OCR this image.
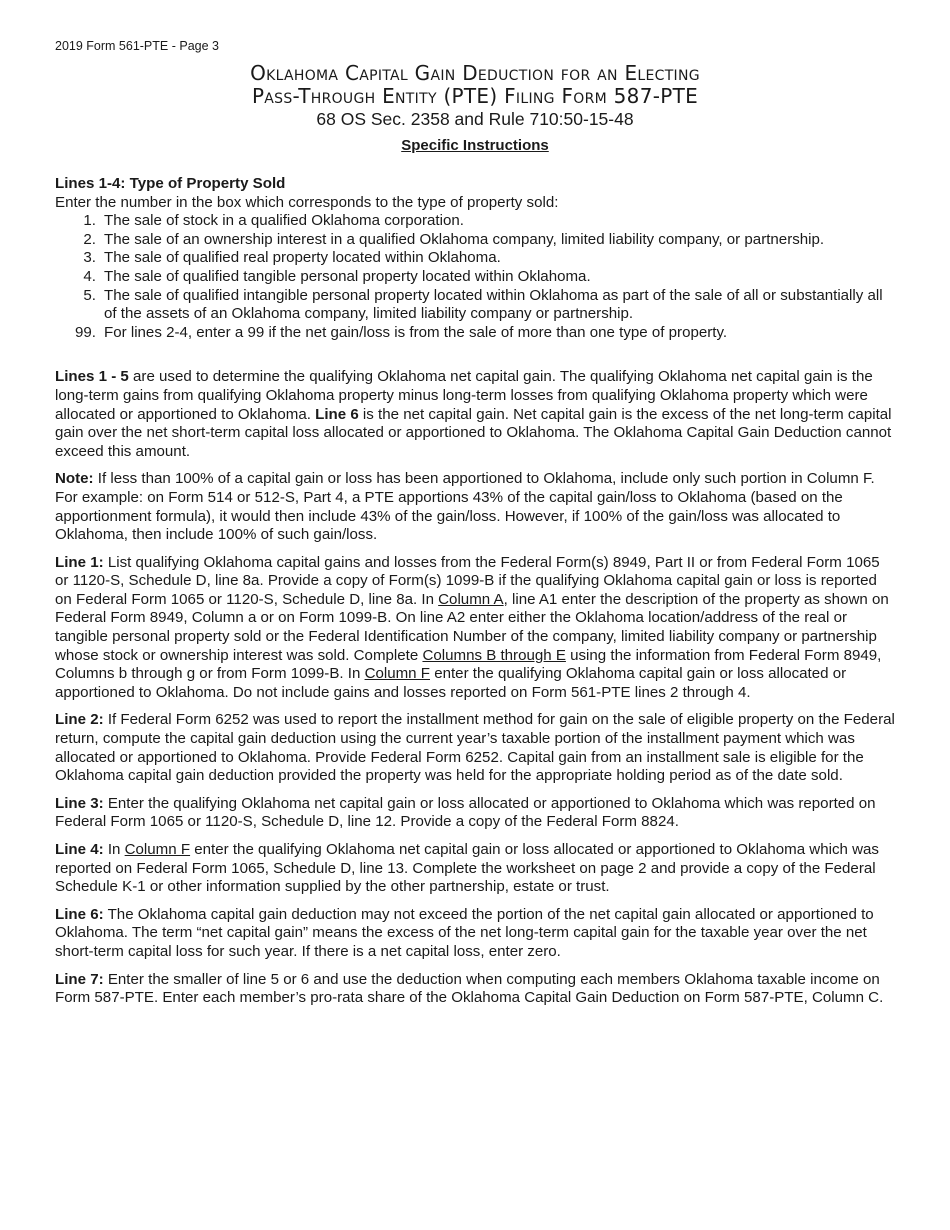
2019 Form 561-PTE - Page 3
Oklahoma Capital Gain Deduction for an Electing
Pass-Through Entity (PTE) Filing Form 587-PTE
68 OS Sec. 2358 and Rule 710:50-15-48
Specific Instructions

Lines 1-4: Type of Property Sold

Enter the number in the box which corresponds to the type of property sold:

1. The sale of stock in a qualified Oklahoma corporation.
2. The sale of an ownership interest in a qualified Oklahoma company, limited liability company, or partnership.
3. The sale of qualified real property located within Oklahoma.
4. The sale of qualified tangible personal property located within Oklahoma.
5. The sale of qualified intangible personal property located within Oklahoma as part of the sale of all or substantially all of the assets of an Oklahoma company, limited liability company or partnership.
99. For lines 2-4, enter a 99 if the net gain/loss is from the sale of more than one type of property.

Lines 1 - 5 are used to determine the qualifying Oklahoma net capital gain. The qualifying Oklahoma net capital gain is the long-term gains from qualifying Oklahoma property minus long-term losses from qualifying Oklahoma property which were allocated or apportioned to Oklahoma. Line 6 is the net capital gain. Net capital gain is the excess of the net long-term capital gain over the net short-term capital loss allocated or apportioned to Oklahoma. The Oklahoma Capital Gain Deduction cannot exceed this amount.

Note: If less than 100% of a capital gain or loss has been apportioned to Oklahoma, include only such portion in Column F. For example: on Form 514 or 512-S, Part 4, a PTE apportions 43% of the capital gain/loss to Oklahoma (based on the apportionment formula), it would then include 43% of the gain/loss. However, if 100% of the gain/loss was allocated to Oklahoma, then include 100% of such gain/loss.

Line 1: List qualifying Oklahoma capital gains and losses from the Federal Form(s) 8949, Part II or from Federal Form 1065 or 1120-S, Schedule D, line 8a. Provide a copy of Form(s) 1099-B if the qualifying Oklahoma capital gain or loss is reported on Federal Form 1065 or 1120-S, Schedule D, line 8a. In Column A, line A1 enter the description of the property as shown on Federal Form 8949, Column a or on Form 1099-B. On line A2 enter either the Oklahoma location/address of the real or tangible personal property sold or the Federal Identification Number of the company, limited liability company or partnership whose stock or ownership interest was sold. Complete Columns B through E using the information from Federal Form 8949, Columns b through g or from Form 1099-B. In Column F enter the qualifying Oklahoma capital gain or loss allocated or apportioned to Oklahoma. Do not include gains and losses reported on Form 561-PTE lines 2 through 4.

Line 2: If Federal Form 6252 was used to report the installment method for gain on the sale of eligible property on the Federal return, compute the capital gain deduction using the current year’s taxable portion of the installment payment which was allocated or apportioned to Oklahoma. Provide Federal Form 6252. Capital gain from an installment sale is eligible for the Oklahoma capital gain deduction provided the property was held for the appropriate holding period as of the date sold.

Line 3: Enter the qualifying Oklahoma net capital gain or loss allocated or apportioned to Oklahoma which was reported on Federal Form 1065 or 1120-S, Schedule D, line 12. Provide a copy of the Federal Form 8824.

Line 4: In Column F enter the qualifying Oklahoma net capital gain or loss allocated or apportioned to Oklahoma which was reported on Federal Form 1065, Schedule D, line 13. Complete the worksheet on page 2 and provide a copy of the Federal Schedule K-1 or other information supplied by the other partnership, estate or trust.

Line 6: The Oklahoma capital gain deduction may not exceed the portion of the net capital gain allocated or apportioned to Oklahoma. The term “net capital gain” means the excess of the net long-term capital gain for the taxable year over the net short-term capital loss for such year. If there is a net capital loss, enter zero.

Line 7: Enter the smaller of line 5 or 6 and use the deduction when computing each members Oklahoma taxable income on Form 587-PTE. Enter each member’s pro-rata share of the Oklahoma Capital Gain Deduction on Form 587-PTE, Column C.
